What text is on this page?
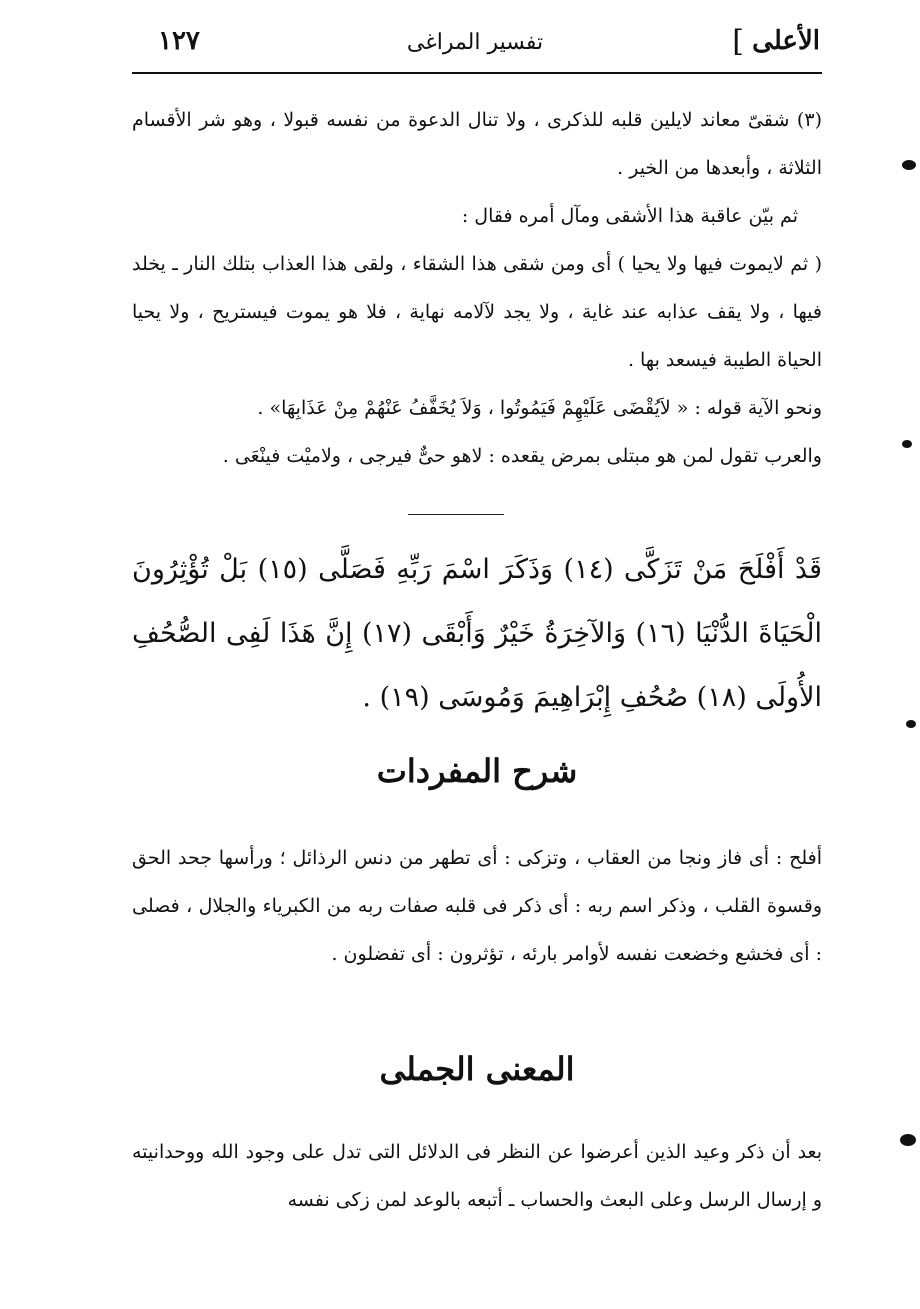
الأعلى
]
تفسير المراغى
١٢٧

(٣) شقىّ معاند لايلين قلبه للذكرى ، ولا تنال الدعوة من نفسه قبولا ، وهو شر الأقسام الثلاثة ، وأبعدها من الخير .

ثم بيّن عاقبة هذا الأشقى ومآل أمره فقال :

( ثم لايموت فيها ولا يحيا ) أى ومن شقى هذا الشقاء ، ولقى هذا العذاب بتلك النار ـ يخلد فيها ، ولا يقف عذابه عند غاية ، ولا يجد لآلامه نهاية ، فلا هو يموت فيستريح ، ولا يحيا الحياة الطيبة فيسعد بها .

ونحو الآية قوله : « لاَيُقْضَى عَلَيْهِمْ فَيَمُوتُوا ، وَلاَ يُخَفَّفُ عَنْهُمْ مِنْ عَذَابِهَا» .

والعرب تقول لمن هو مبتلى بمرض يقعده : لاهو حىٌّ فيرجى ، ولاميْت فينْعَى .

قَدْ أَفْلَحَ مَنْ تَزَكَّى (١٤) وَذَكَرَ اسْمَ رَبِّهِ فَصَلَّى (١٥) بَلْ تُؤْثِرُونَ الْحَيَاةَ الدُّنْيَا (١٦) وَالآخِرَةُ خَيْرٌ وَأَبْقَى (١٧) إِنَّ هَذَا لَفِى الصُّحُفِ الأُولَى (١٨) صُحُفِ إِبْرَاهِيمَ وَمُوسَى (١٩) .
شرح المفردات

أفلح : أى فاز ونجا من العقاب ، وتزكى : أى تطهر من دنس الرذائل ؛ ورأسها جحد الحق وقسوة القلب ، وذكر اسم ربه : أى ذكر فى قلبه صفات ربه من الكبرياء والجلال ، فصلى : أى فخشع وخضعت نفسه لأوامر بارئه ، تؤثرون : أى تفضلون .

المعنى الجملى

بعد أن ذكر وعيد الذين أعرضوا عن النظر فى الدلائل التى تدل على وجود الله ووحدانيته و إرسال الرسل وعلى البعث والحساب ـ أتبعه بالوعد لمن زكى نفسه
